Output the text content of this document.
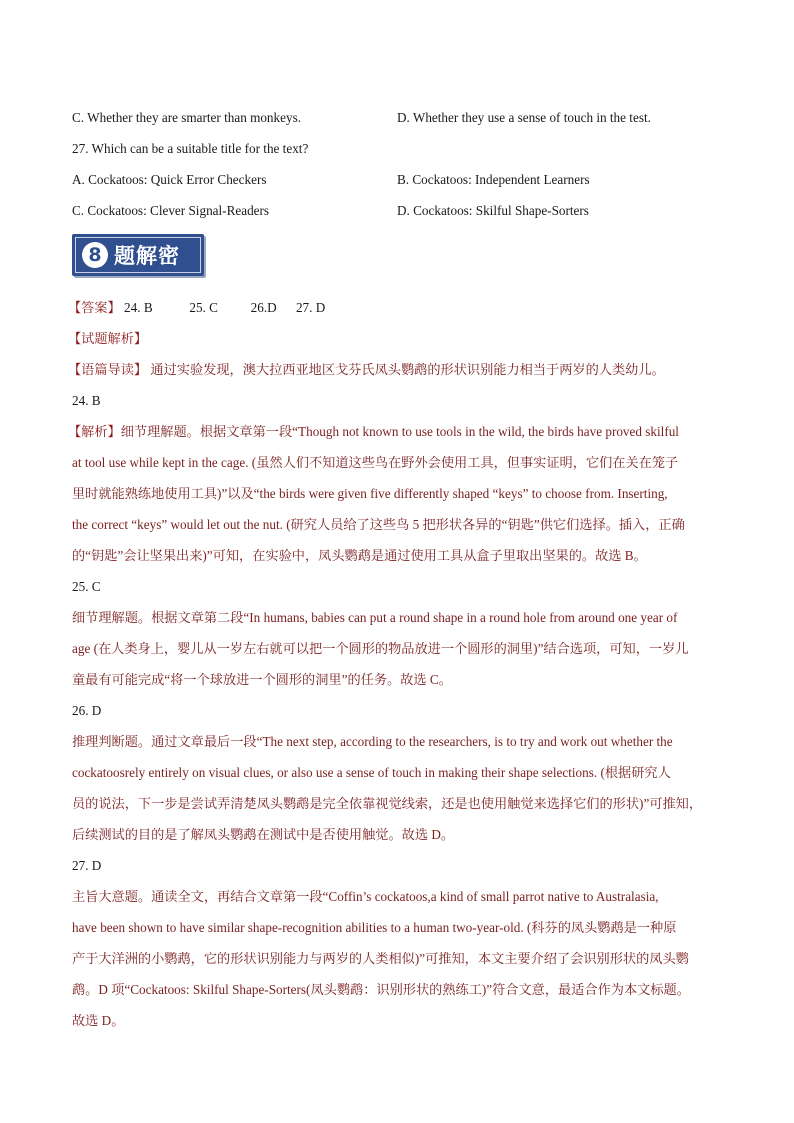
C. Whether they are smarter than monkeys.	D. Whether they use a sense of touch in the test.
27. Which can be a suitable title for the text?
A. Cockatoos: Quick Error Checkers	B. Cockatoos: Independent Learners
C. Cockatoos: Clever Signal-Readers	D. Cockatoos: Skilful Shape-Sorters
8 题解密
【答案】 24. B	25. C 26.D 27. D
【试题解析】
【语篇导读】 通过实验发现，澳大拉西亚地区戈芬氏凤头鹦鹉的形状识别能力相当于两岁的人类幼儿。
24. B
【解析】细节理解题。根据文章第一段“Though not known to use tools in the wild, the birds have proved skilful
at tool use while kept in the cage. (虽然人们不知道这些鸟在野外会使用工具，但事实证明，它们在关在笼子
里时就能熟练地使用工具)”以及“the birds were given five differently shaped “keys” to choose from. Inserting,
the correct “keys” would let out the nut. (研究人员给了这些鸟 5 把形状各异的“钥匙”供它们选择。插入，正确
的“钥匙”会让坚果出来)”可知，在实验中，凤头鹦鹉是通过使用工具从盒子里取出坚果的。故选 B。
25. C
细节理解题。根据文章第二段“In humans, babies can put a round shape in a round hole from around one year of
age (在人类身上，婴儿从一岁左右就可以把一个圆形的物品放进一个圆形的洞里)”结合选项，可知，一岁儿
童最有可能完成“将一个球放进一个圆形的洞里”的任务。故选 C。
26. D
推理判断题。通过文章最后一段“The next step, according to the researchers, is to try and work out whether the
cockatoosrely entirely on visual clues, or also use a sense of touch in making their shape selections. (根据研究人
员的说法，下一步是尝试弄清楚凤头鹦鹉是完全依靠视觉线索，还是也使用触觉来选择它们的形状)”可推知，
后续测试的目的是了解凤头鹦鹉在测试中是否使用触觉。故选 D。
27. D
主旨大意题。通读全文，再结合文章第一段“Coffin’s cockatoos,a kind of small parrot native to Australasia,
have been shown to have similar shape-recognition abilities to a human two-year-old. (科芬的凤头鹦鹉是一种原
产于大洋洲的小鹦鹉，它的形状识别能力与两岁的人类相似)”可推知，本文主要介绍了会识别形状的凤头鹦
鹉。D 项“Cockatoos: Skilful Shape-Sorters(凤头鹦鹉：识别形状的熟练工)”符合文意，最适合作为本文标题。
故选 D。
